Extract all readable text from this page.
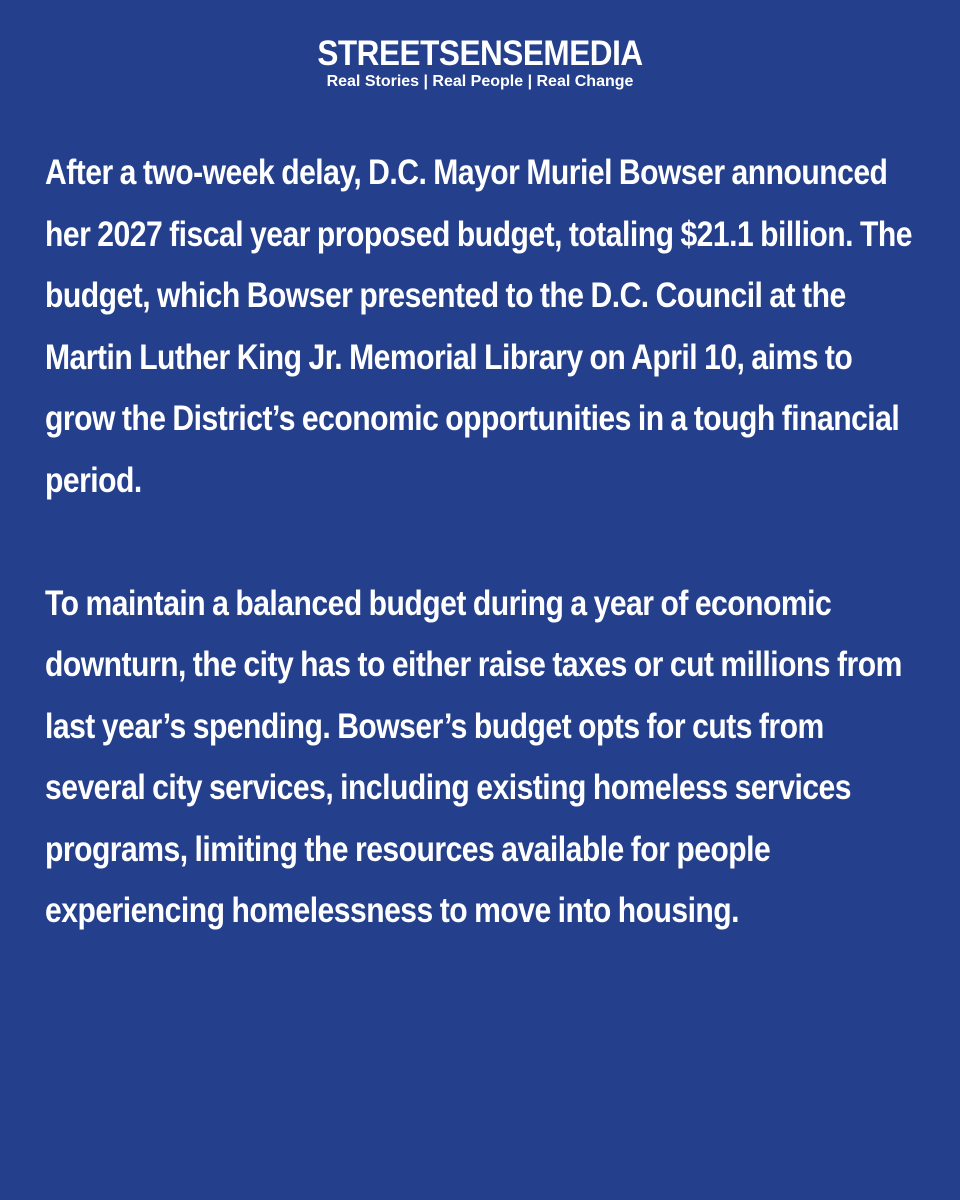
STREETSENSEMEDIA
Real Stories | Real People | Real Change

After a two-week delay, D.C. Mayor Muriel Bowser announced her 2027 fiscal year proposed budget, totaling $21.1 billion. The budget, which Bowser presented to the D.C. Council at the Martin Luther King Jr. Memorial Library on April 10, aims to grow the District’s economic opportunities in a tough financial period.

To maintain a balanced budget during a year of economic downturn, the city has to either raise taxes or cut millions from last year’s spending. Bowser’s budget opts for cuts from several city services, including existing homeless services programs, limiting the resources available for people experiencing homelessness to move into housing.
